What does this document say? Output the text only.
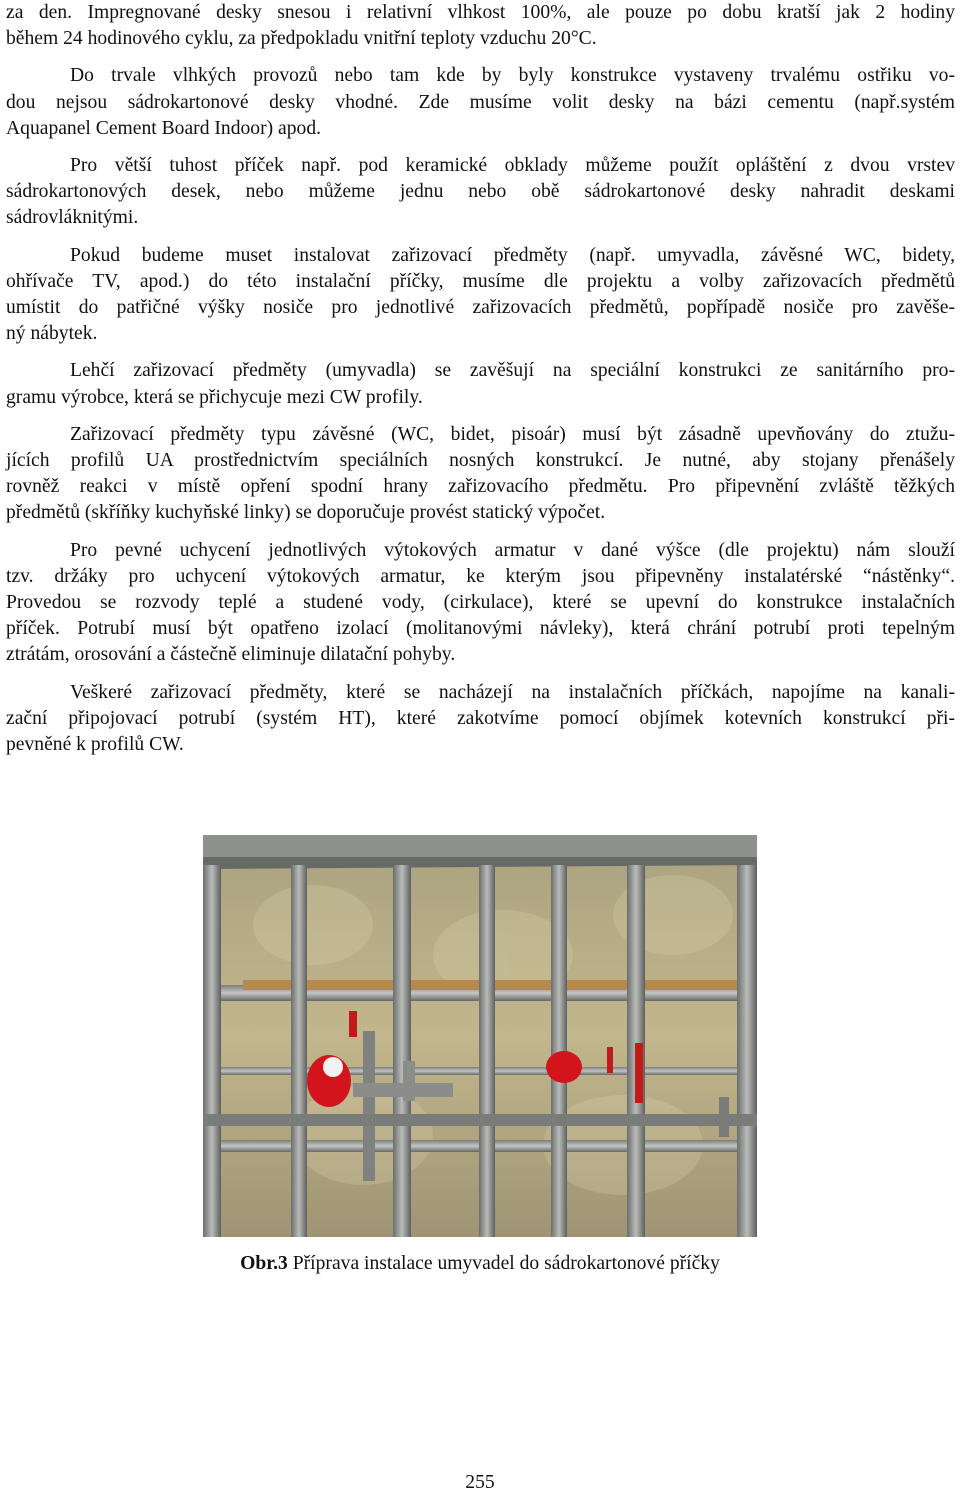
za den. Impregnované desky snesou i relativní vlhkost 100%, ale pouze po dobu kratší jak 2 hodiny
během 24 hodinového cyklu, za předpokladu vnitřní teploty vzduchu 20°C.
Do trvale vlhkých provozů nebo tam kde by byly konstrukce vystaveny trvalému ostřiku vo-
dou nejsou sádrokartonové desky vhodné. Zde musíme volit desky na bázi cementu (např.systém
Aquapanel Cement Board Indoor) apod.
Pro větší tuhost příček např. pod keramické obklady můžeme použít opláštění z dvou vrstev
sádrokartonových desek, nebo můžeme jednu nebo obě sádrokartonové desky nahradit deskami
sádrovláknitými.
Pokud budeme muset instalovat zařizovací předměty (např. umyvadla, závěsné WC, bidety,
ohřívače TV, apod.) do této instalační příčky, musíme dle projektu a volby zařizovacích předmětů
umístit do patřičné výšky nosiče pro jednotlivé zařizovacích předmětů, popřípadě nosiče pro zavěše-
ný nábytek.
Lehčí zařizovací předměty (umyvadla) se zavěšují na speciální konstrukci ze sanitárního pro-
gramu výrobce, která se přichycuje mezi CW profily.
Zařizovací předměty typu závěsné (WC, bidet, pisoár) musí být zásadně upevňovány do ztužu-
jících profilů UA prostřednictvím speciálních nosných konstrukcí. Je nutné, aby stojany přenášely
rovněž reakci v místě opření spodní hrany zařizovacího předmětu. Pro připevnění zvláště těžkých
předmětů (skříňky kuchyňské linky) se doporučuje provést statický výpočet.
Pro pevné uchycení jednotlivých výtokových armatur v dané výšce (dle projektu) nám slouží
tzv. držáky pro uchycení výtokových armatur, ke kterým jsou připevněny instalatérské “nástěnky“.
Provedou se rozvody teplé a studené vody, (cirkulace), které se upevní do konstrukce instalačních
příček. Potrubí musí být opatřeno izolací (molitanovými návleky), která chrání potrubí proti tepelným
ztrátám, orosování a částečně eliminuje dilatační pohyby.
Veškeré zařizovací předměty, které se nacházejí na instalačních příčkách, napojíme na kanali-
zační připojovací potrubí (systém HT), které zakotvíme pomocí objímek kotevních konstrukcí při-
pevněné k profilů CW.
Obr.3 Příprava instalace umyvadel do sádrokartonové příčky
255
